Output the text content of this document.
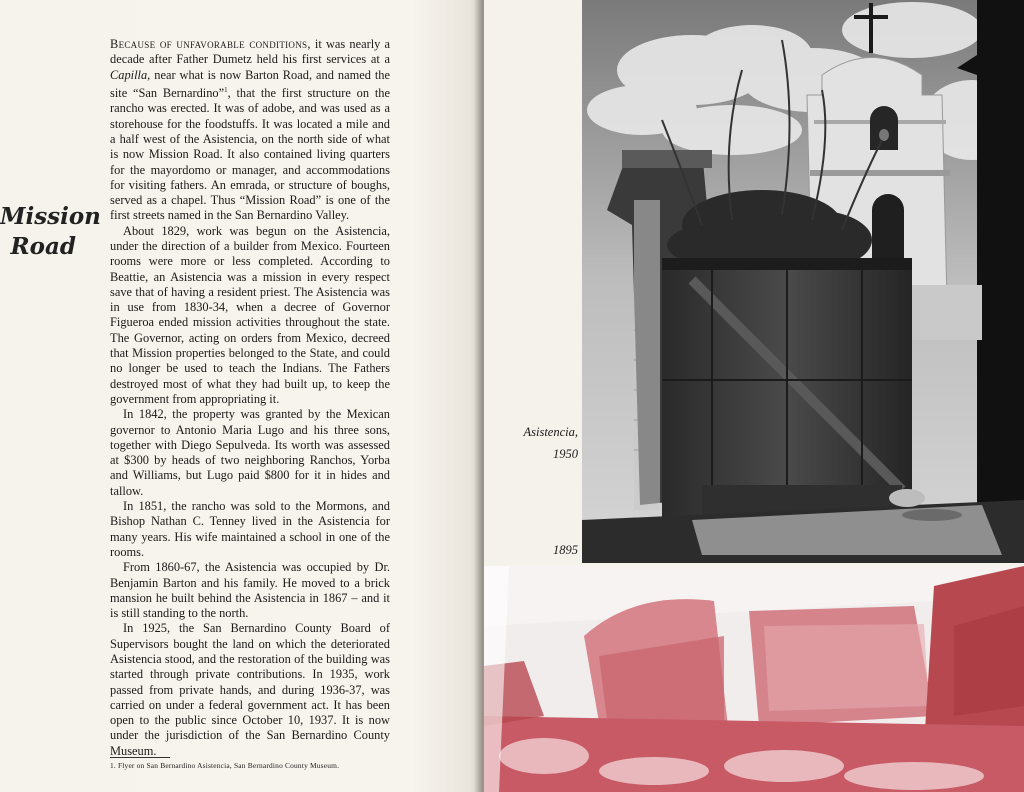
Mission
Road

Because of unfavorable conditions, it was nearly a decade after Father Dumetz held his first services at a Capilla, near what is now Barton Road, and named the site “San Bernardino”$^1$, that the first structure on the rancho was erected. It was of adobe, and was used as a storehouse for the foodstuffs. It was located a mile and a half west of the Asistencia, on the north side of what is now Mission Road. It also contained living quarters for the mayordomo or manager, and accommodations for visiting fathers. An emrada, or structure of boughs, served as a chapel. Thus “Mission Road” is one of the first streets named in the San Bernardino Valley.

About 1829, work was begun on the Asistencia, under the direction of a builder from Mexico. Fourteen rooms were more or less completed. According to Beattie, an Asistencia was a mission in every respect save that of having a resident priest. The Asistencia was in use from 1830-34, when a decree of Governor Figueroa ended mission activities throughout the state. The Governor, acting on orders from Mexico, decreed that Mission properties belonged to the State, and could no longer be used to teach the Indians. The Fathers destroyed most of what they had built up, to keep the government from appropriating it.

In 1842, the property was granted by the Mexican governor to Antonio Maria Lugo and his three sons, together with Diego Sepulveda. Its worth was assessed at $300 by heads of two neighboring Ranchos, Yorba and Williams, but Lugo paid $800 for it in hides and tallow.

In 1851, the rancho was sold to the Mormons, and Bishop Nathan C. Tenney lived in the Asistencia for many years. His wife maintained a school in one of the rooms.

From 1860-67, the Asistencia was occupied by Dr. Benjamin Barton and his family. He moved to a brick mansion he built behind the Asistencia in 1867 – and it is still standing to the north.

In 1925, the San Bernardino County Board of Supervisors bought the land on which the deteriorated Asistencia stood, and the restoration of the building was started through private contributions. In 1935, work passed from private hands, and during 1936-37, was carried on under a federal government act. It has been open to the public since October 10, 1937. It is now under the jurisdiction of the San Bernardino County Museum.

1. Flyer on San Bernardino Asistencia, San Bernardino County Museum.
Asistencia,
1950
1895
